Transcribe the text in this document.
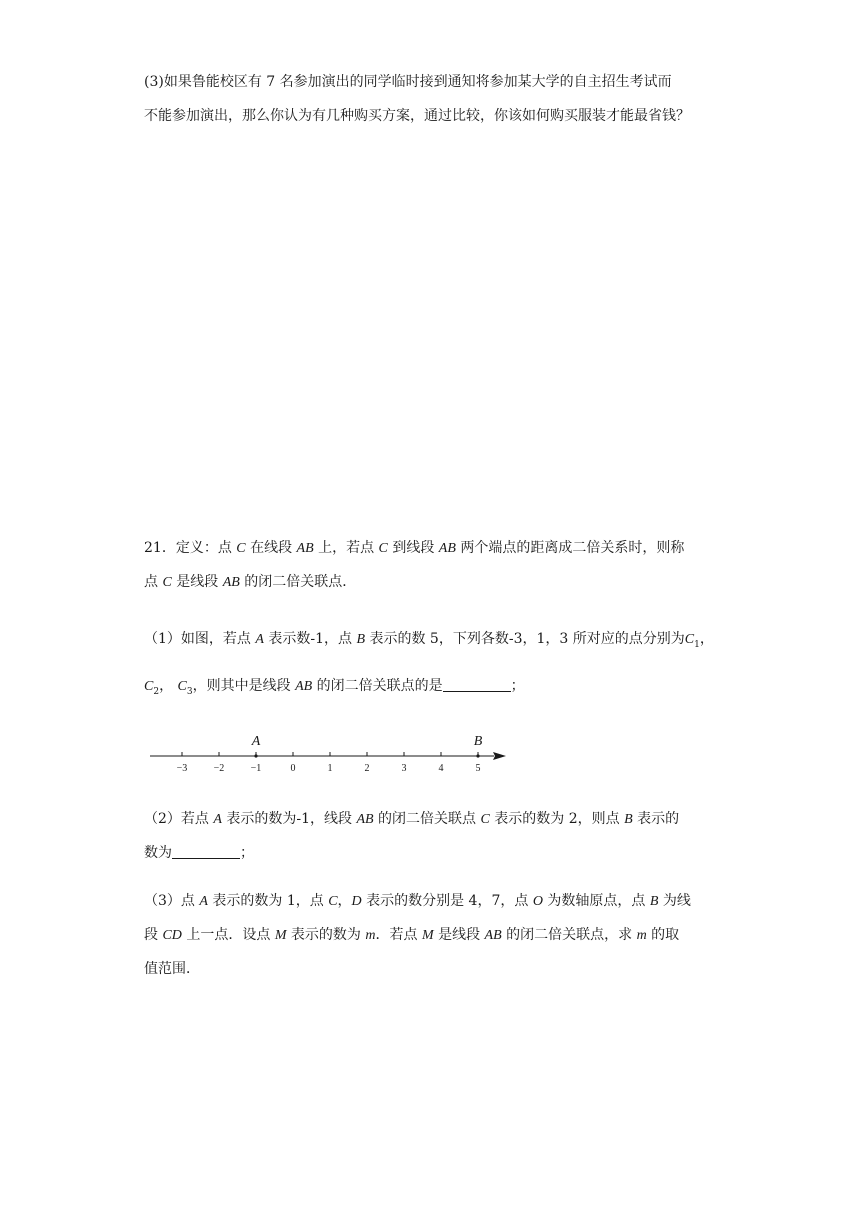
(3)如果鲁能校区有 7 名参加演出的同学临时接到通知将参加某大学的自主招生考试而
不能参加演出，那么你认为有几种购买方案，通过比较，你该如何购买服装才能最省钱？
21．定义：点 C 在线段 AB 上，若点 C 到线段 AB 两个端点的距离成二倍关系时，则称
点 C 是线段 AB 的闭二倍关联点．
（1）如图，若点 A 表示数-1，点 B 表示的数 5，下列各数-3，1，3 所对应的点分别为$C_1$，
$C_2$， $C_3$，则其中是线段 AB 的闭二倍关联点的是	；
−3	−2	−1	0	1	2	3	4	5
A	B
（2）若点 A 表示的数为-1，线段 AB 的闭二倍关联点 C 表示的数为 2，则点 B 表示的
数为	；
（3）点 A 表示的数为 1，点 C，D 表示的数分别是 4，7，点 O 为数轴原点，点 B 为线
段 CD 上一点．设点 M 表示的数为 m．若点 M 是线段 AB 的闭二倍关联点，求 m 的取
值范围．
